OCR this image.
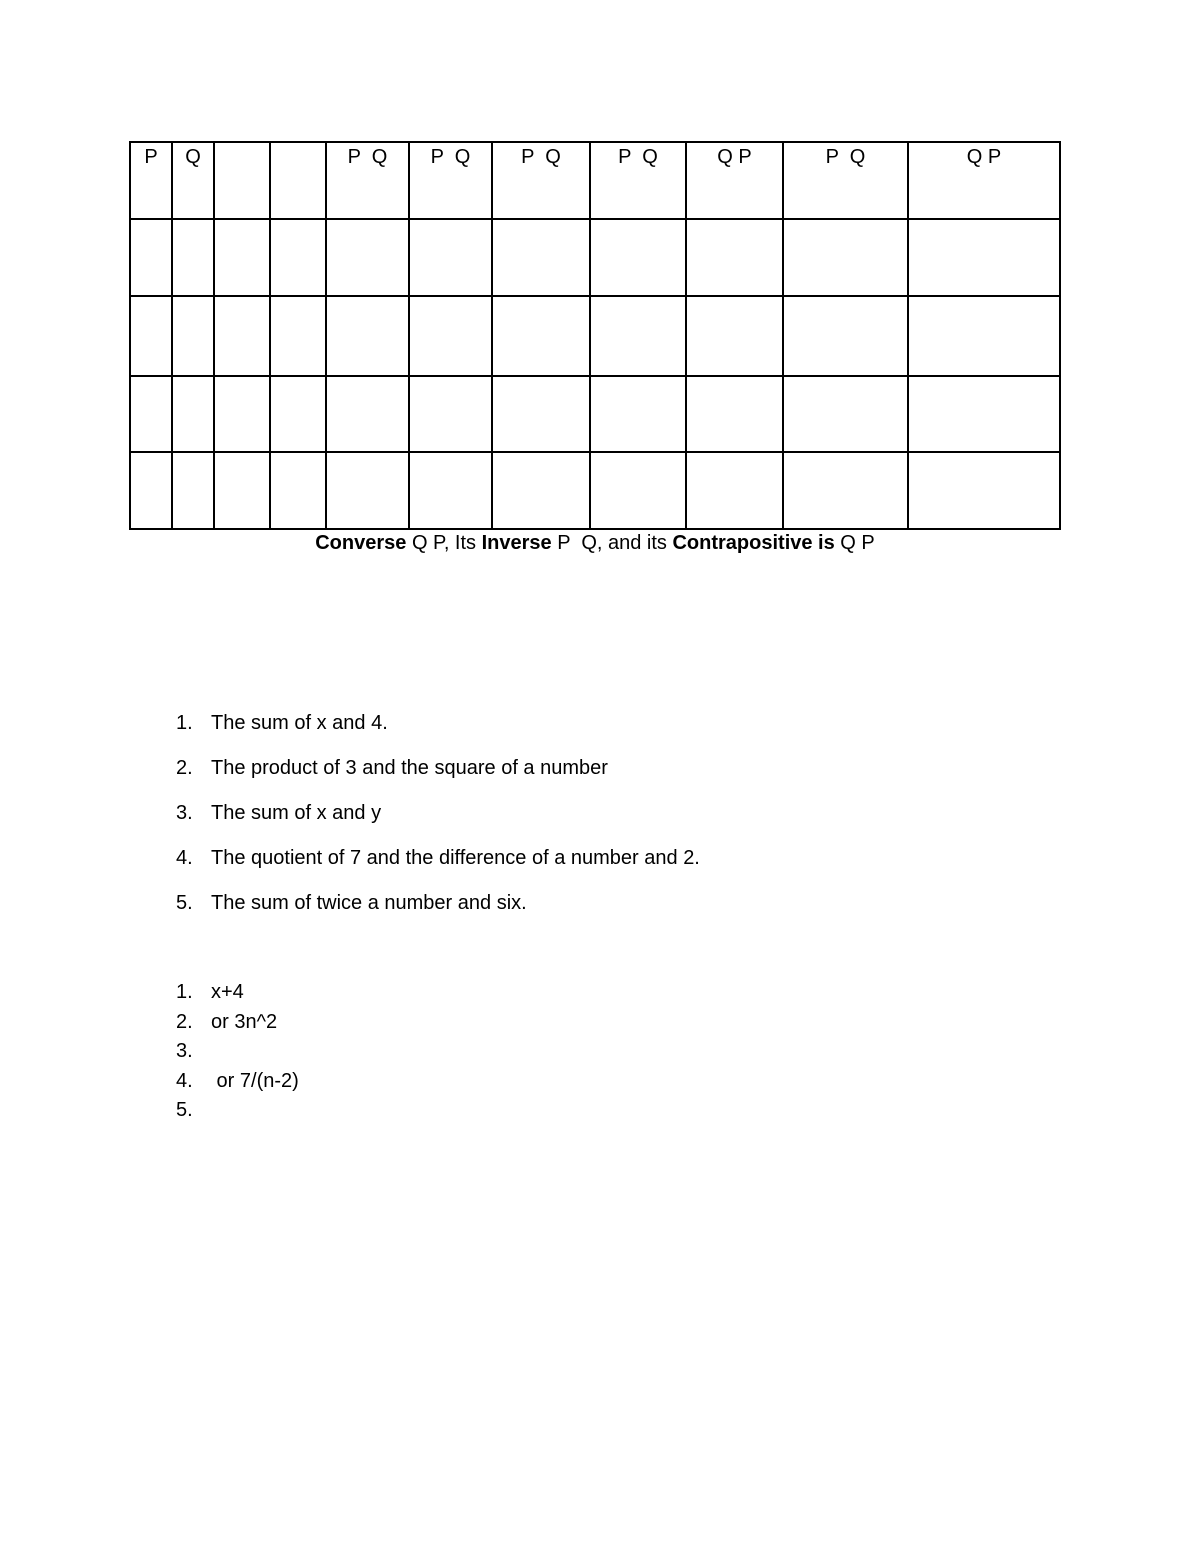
P	Q			P  Q	P  Q	P  Q	P  Q	Q P	P  Q	Q P

Converse Q P, Its Inverse P  Q, and its Contrapositive is Q P
1. The sum of x and 4.
2. The product of 3 and the square of a number
3. The sum of x and y
4. The quotient of 7 and the difference of a number and 2.
5. The sum of twice a number and six.
1. x+4
2. or 3n^2
3.
4. or 7/(n-2)
5.
